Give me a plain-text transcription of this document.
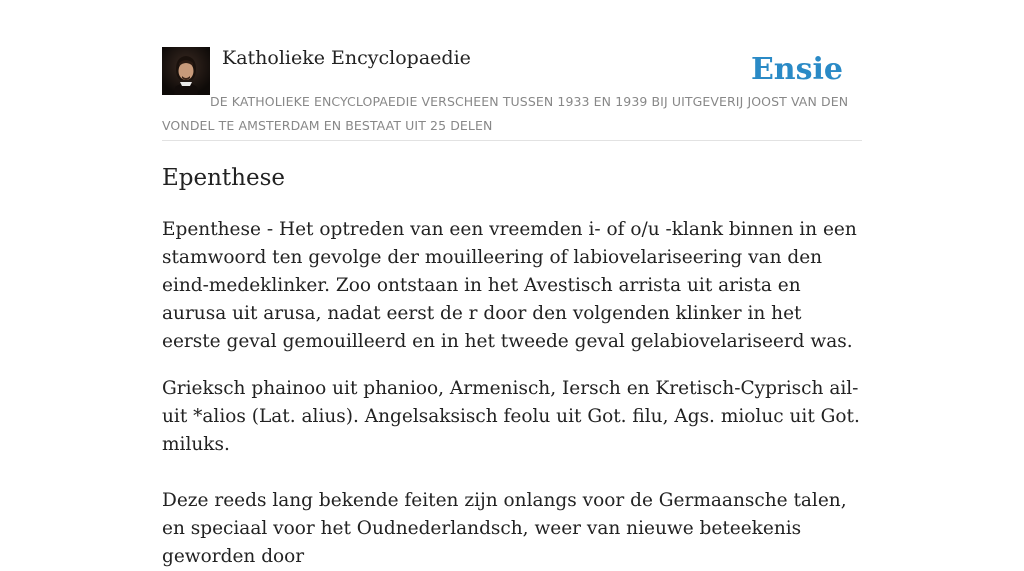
Katholieke Encyclopaedie	Ensie
DE KATHOLIEKE ENCYCLOPAEDIE VERSCHEEN TUSSEN 1933 EN 1939 BIJ UITGEVERIJ JOOST VAN DEN VONDEL TE AMSTERDAM EN BESTAAT UIT 25 DELEN
Epenthese

Epenthese - Het optreden van een vreemden i- of o/u -klank binnen in een stamwoord ten gevolge der mouilleering of labiovelariseering van den eind-medeklinker. Zoo ontstaan in het Avestisch arrista uit arista en aurusa uit arusa, nadat eerst de r door den volgenden klinker in het eerste geval gemouilleerd en in het tweede geval gelabiovelariseerd was.

Grieksch phainoo uit phanioo, Armenisch, Iersch en Kretisch-Cyprisch ail-uit *alios (Lat. alius). Angelsaksisch feolu uit Got. filu, Ags. mioluc uit Got. miluks.

Deze reeds lang bekende feiten zijn onlangs voor de Germaansche talen, en speciaal voor het Oudnederlandsch, weer van nieuwe beteekenis geworden door
